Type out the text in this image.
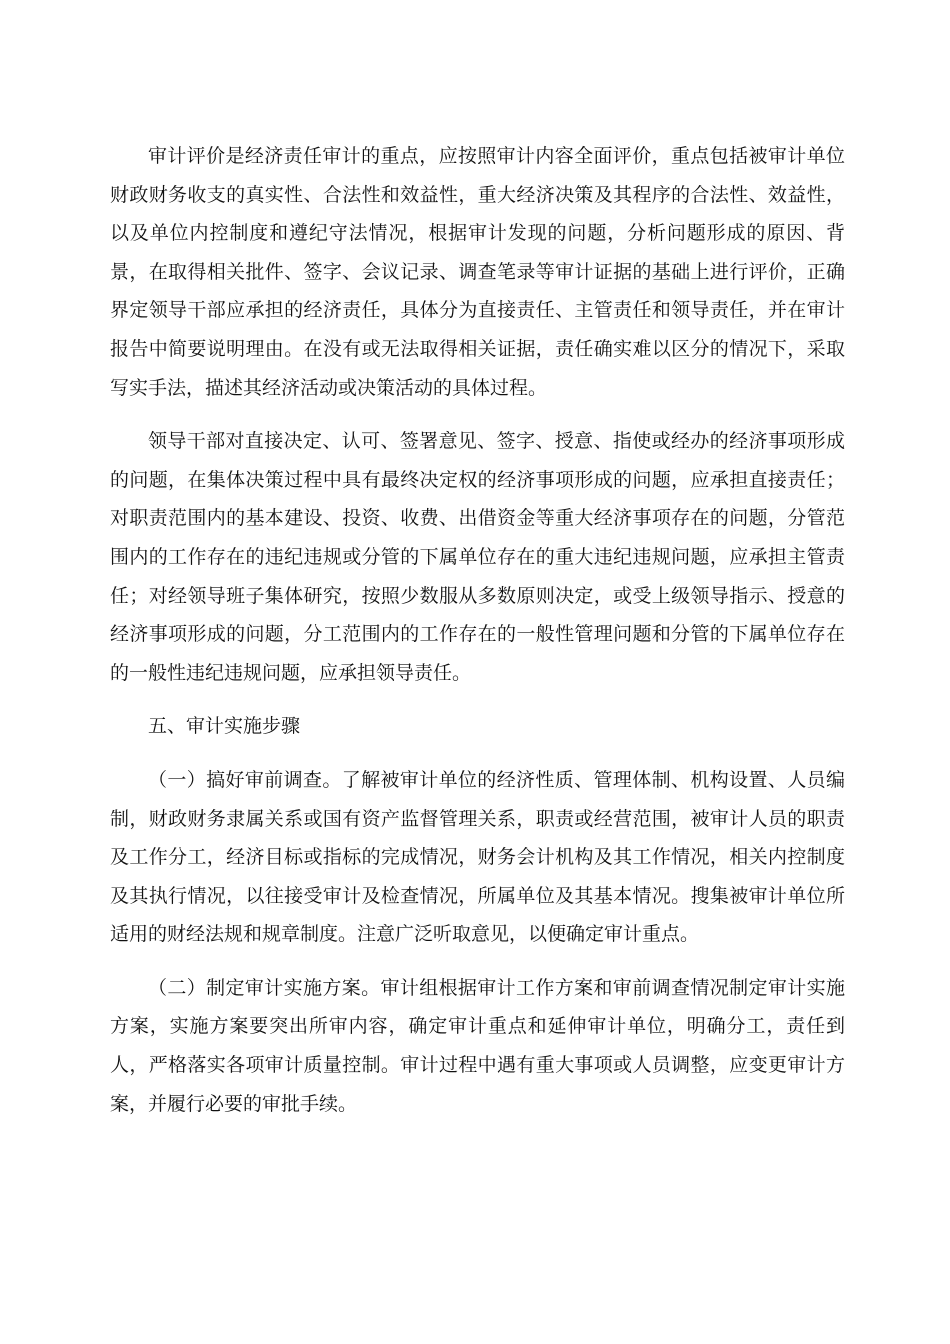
审计评价是经济责任审计的重点，应按照审计内容全面评价，重点包括被审计单位财政财务收支的真实性、合法性和效益性，重大经济决策及其程序的合法性、效益性，以及单位内控制度和遵纪守法情况，根据审计发现的问题，分析问题形成的原因、背景，在取得相关批件、签字、会议记录、调查笔录等审计证据的基础上进行评价，正确界定领导干部应承担的经济责任，具体分为直接责任、主管责任和领导责任，并在审计报告中简要说明理由。在没有或无法取得相关证据，责任确实难以区分的情况下，采取写实手法，描述其经济活动或决策活动的具体过程。

领导干部对直接决定、认可、签署意见、签字、授意、指使或经办的经济事项形成的问题，在集体决策过程中具有最终决定权的经济事项形成的问题，应承担直接责任；对职责范围内的基本建设、投资、收费、出借资金等重大经济事项存在的问题，分管范围内的工作存在的违纪违规或分管的下属单位存在的重大违纪违规问题，应承担主管责任；对经领导班子集体研究，按照少数服从多数原则决定，或受上级领导指示、授意的经济事项形成的问题，分工范围内的工作存在的一般性管理问题和分管的下属单位存在的一般性违纪违规问题，应承担领导责任。

五、审计实施步骤

（一）搞好审前调查。了解被审计单位的经济性质、管理体制、机构设置、人员编制，财政财务隶属关系或国有资产监督管理关系，职责或经营范围，被审计人员的职责及工作分工，经济目标或指标的完成情况，财务会计机构及其工作情况，相关内控制度及其执行情况，以往接受审计及检查情况，所属单位及其基本情况。搜集被审计单位所适用的财经法规和规章制度。注意广泛听取意见，以便确定审计重点。

（二）制定审计实施方案。审计组根据审计工作方案和审前调查情况制定审计实施方案，实施方案要突出所审内容，确定审计重点和延伸审计单位，明确分工，责任到人，严格落实各项审计质量控制。审计过程中遇有重大事项或人员调整，应变更审计方案，并履行必要的审批手续。
